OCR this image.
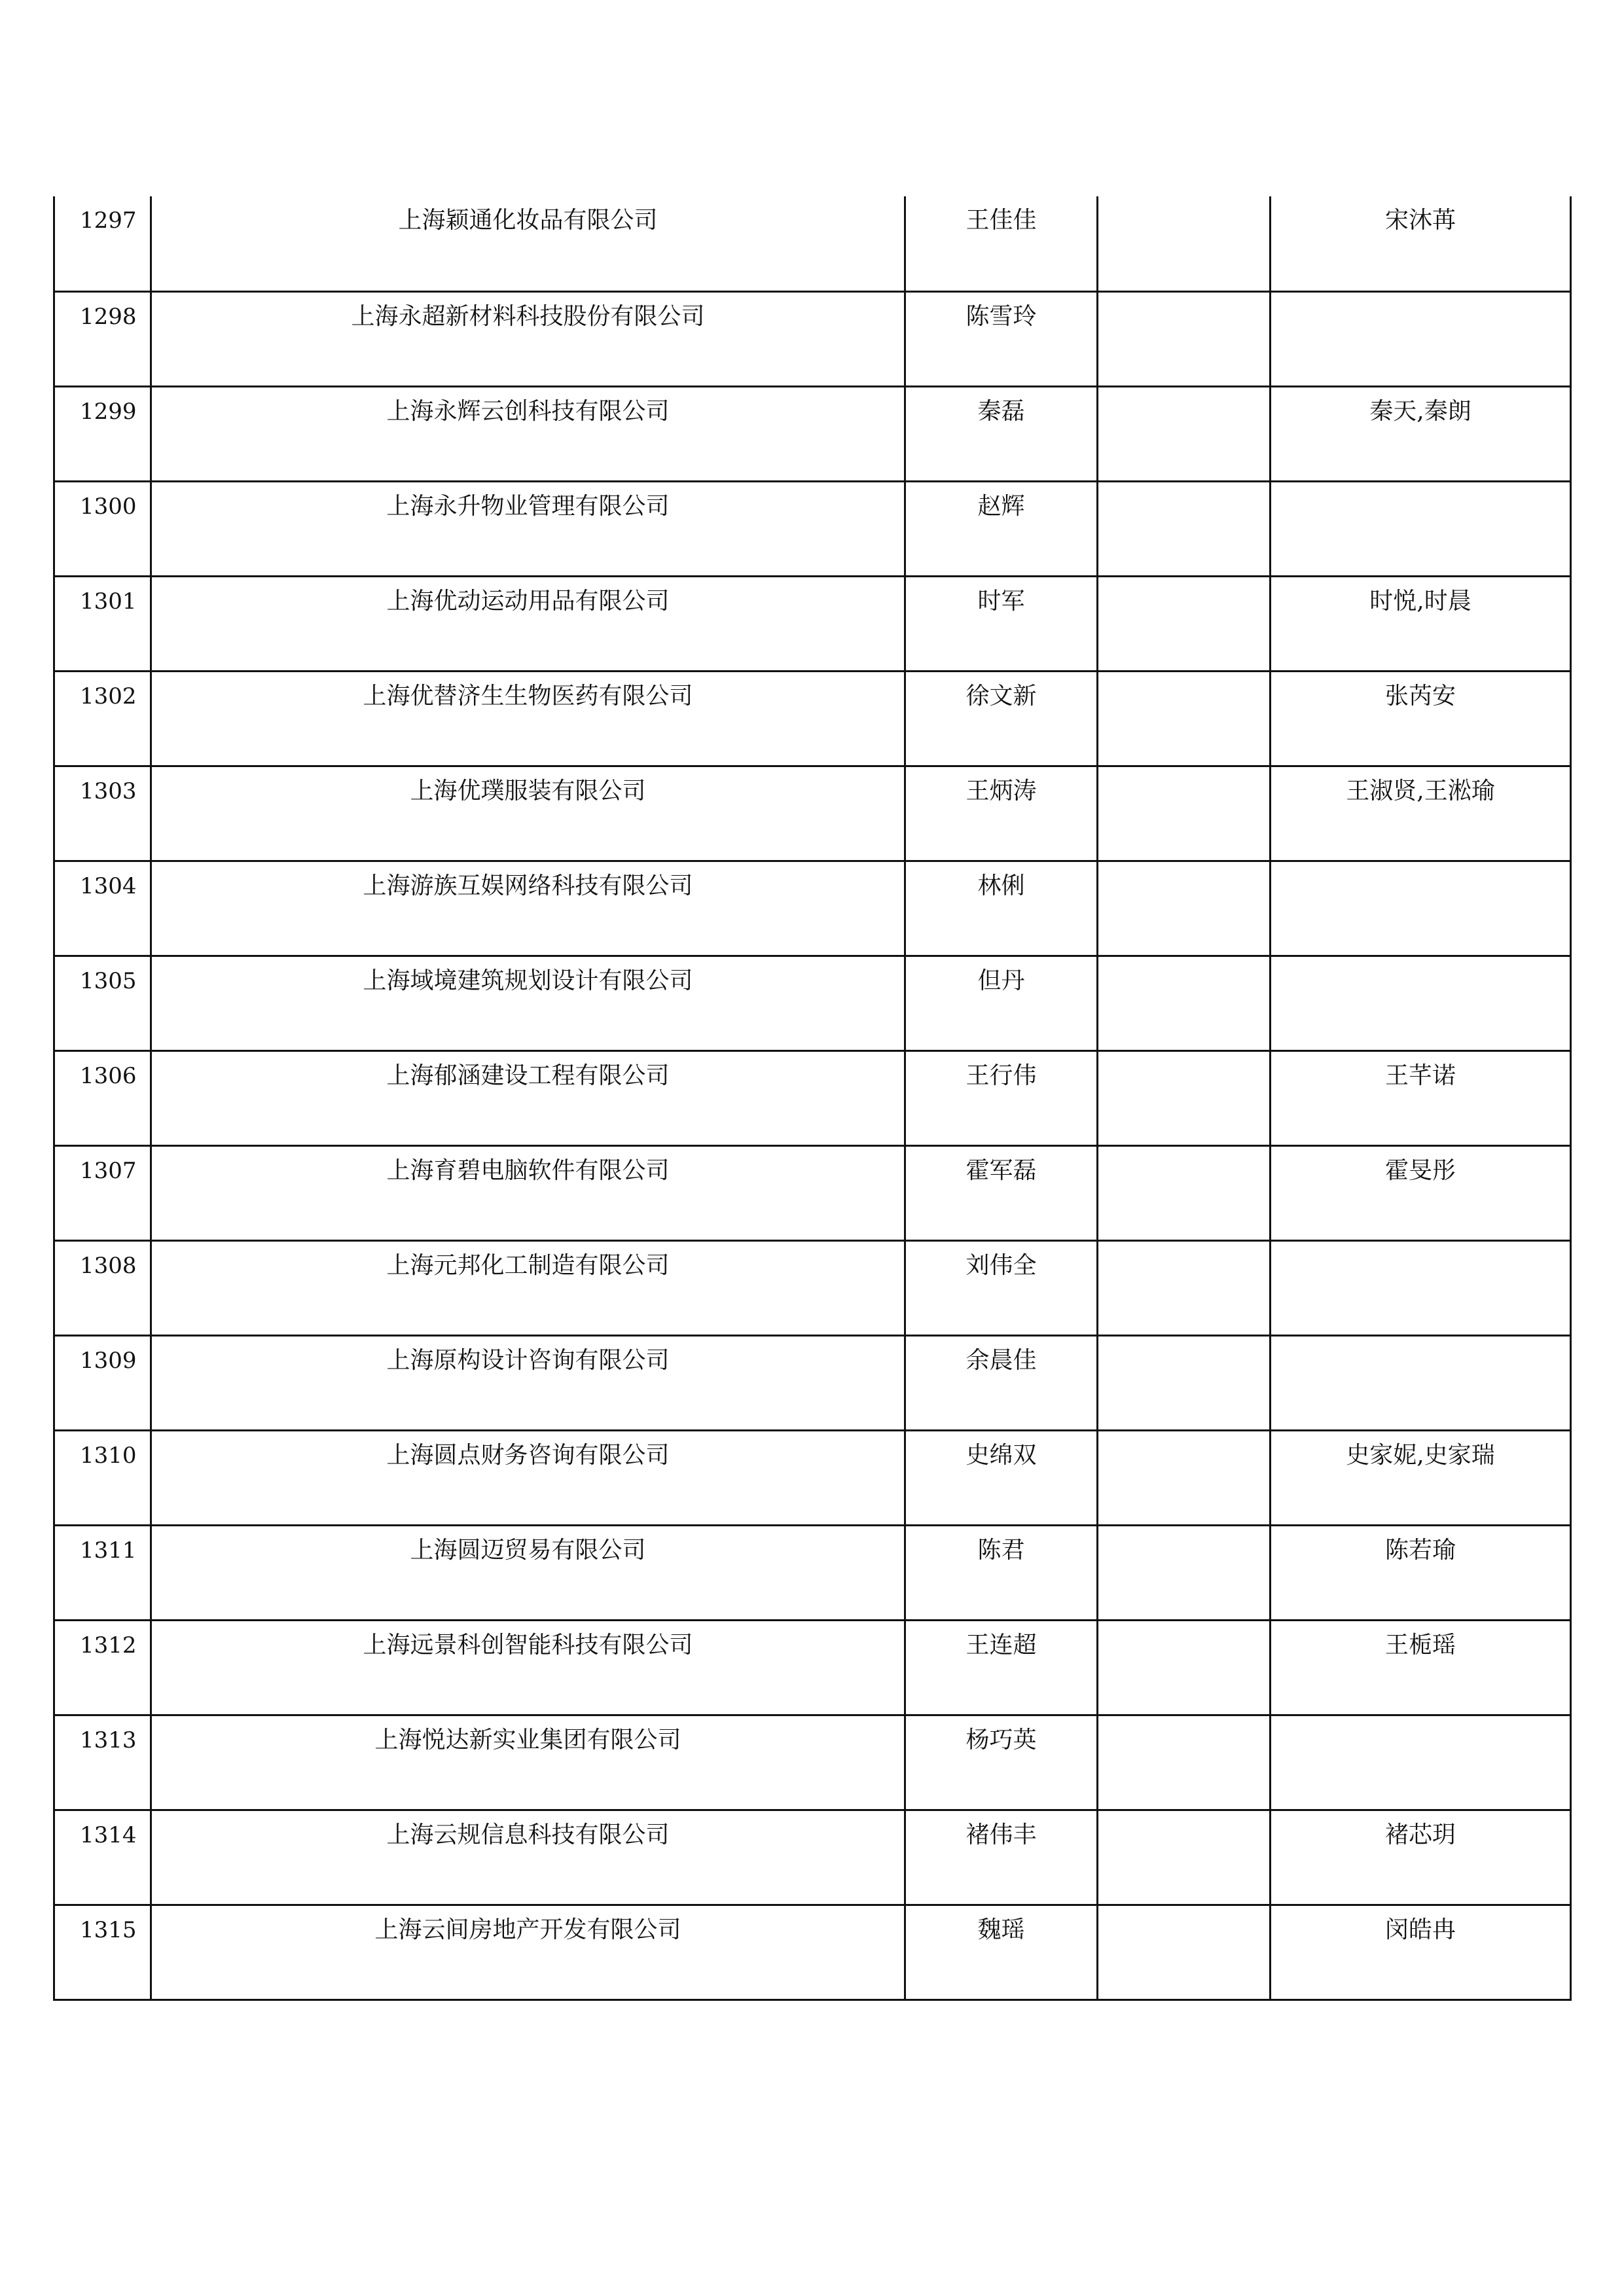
1297	上海颖通化妆品有限公司	王佳佳		宋沐苒

1298	上海永超新材料科技股份有限公司	陈雪玲		

1299	上海永辉云创科技有限公司	秦磊		秦天,秦朗

1300	上海永升物业管理有限公司	赵辉		

1301	上海优动运动用品有限公司	时军		时悦,时晨

1302	上海优替济生生物医药有限公司	徐文新		张芮安

1303	上海优璞服装有限公司	王炳涛		王淑贤,王淞瑜

1304	上海游族互娱网络科技有限公司	林俐		

1305	上海域境建筑规划设计有限公司	但丹		

1306	上海郁涵建设工程有限公司	王行伟		王芊诺

1307	上海育碧电脑软件有限公司	霍军磊		霍旻彤

1308	上海元邦化工制造有限公司	刘伟全		

1309	上海原构设计咨询有限公司	余晨佳		

1310	上海圆点财务咨询有限公司	史绵双		史家妮,史家瑞

1311	上海圆迈贸易有限公司	陈君		陈若瑜

1312	上海远景科创智能科技有限公司	王连超		王栀瑶

1313	上海悦达新实业集团有限公司	杨巧英		

1314	上海云规信息科技有限公司	褚伟丰		褚芯玥

1315	上海云间房地产开发有限公司	魏瑶		闵皓冉
